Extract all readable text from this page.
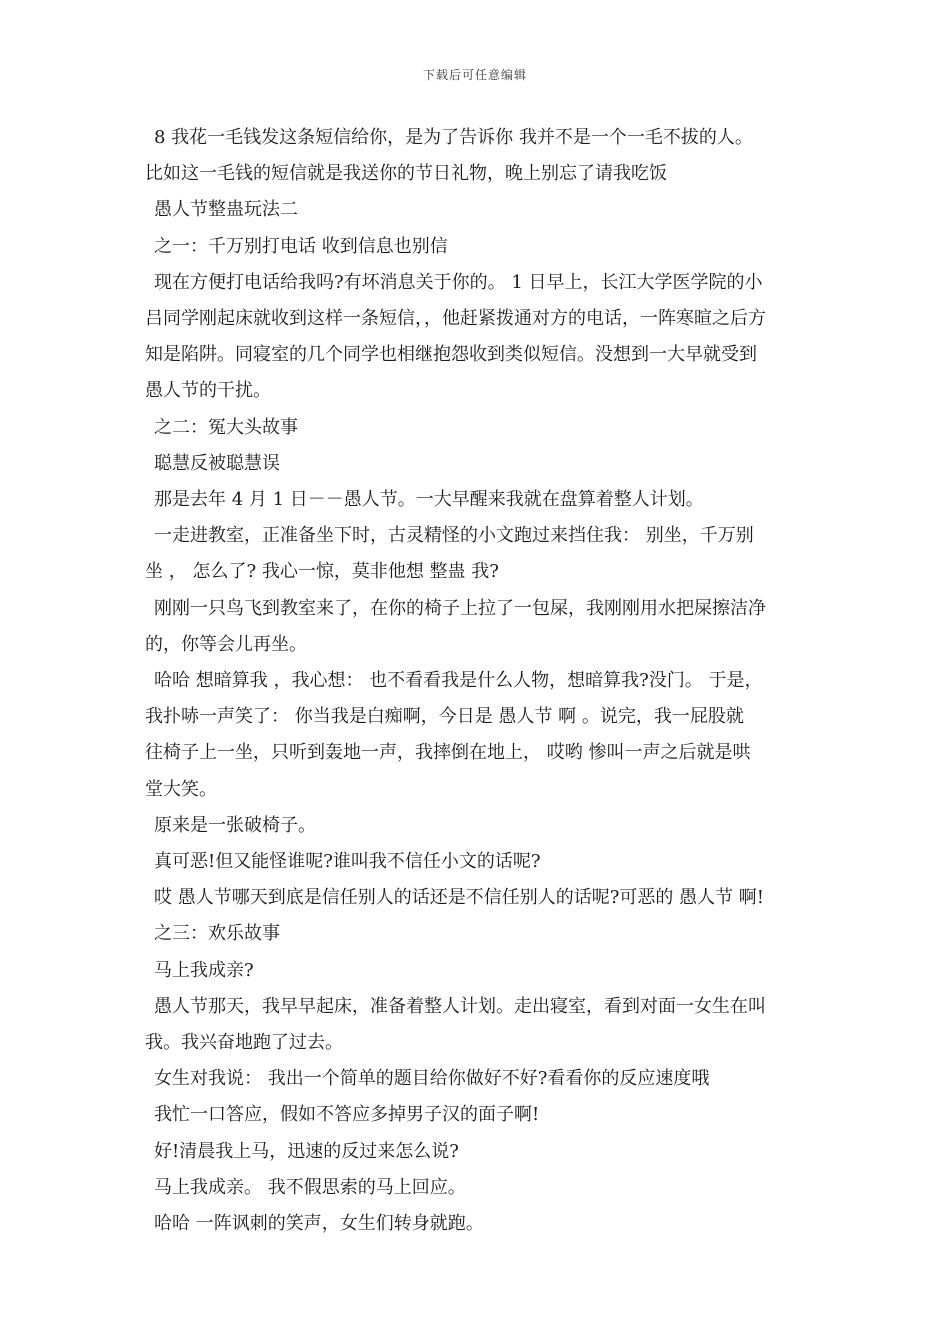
下载后可任意编辑
8 我花一毛钱发这条短信给你，是为了告诉你 我并不是一个一毛不拔的人。
比如这一毛钱的短信就是我送你的节日礼物，晚上别忘了请我吃饭
愚人节整蛊玩法二
之一：千万别打电话 收到信息也别信
现在方便打电话给我吗?有坏消息关于你的。 1 日早上，长江大学医学院的小
吕同学刚起床就收到这样一条短信，，他赶紧拨通对方的电话，一阵寒暄之后方
知是陷阱。同寝室的几个同学也相继抱怨收到类似短信。没想到一大早就受到
愚人节的干扰。
之二：冤大头故事
聪慧反被聪慧误
那是去年 4 月 1 日－－愚人节。一大早醒来我就在盘算着整人计划。
一走进教室，正准备坐下时，古灵精怪的小文跑过来挡住我： 别坐，千万别
坐 ， 怎么了? 我心一惊，莫非他想 整蛊 我?
刚刚一只鸟飞到教室来了，在你的椅子上拉了一包屎，我刚刚用水把屎擦洁净
的，你等会儿再坐。
哈哈 想暗算我 ，我心想： 也不看看我是什么人物，想暗算我?没门。 于是，
我扑哧一声笑了： 你当我是白痴啊，今日是 愚人节 啊 。说完，我一屁股就
往椅子上一坐，只听到轰地一声，我摔倒在地上， 哎哟 惨叫一声之后就是哄
堂大笑。
原来是一张破椅子。
真可恶!但又能怪谁呢?谁叫我不信任小文的话呢?
哎 愚人节哪天到底是信任别人的话还是不信任别人的话呢?可恶的 愚人节 啊!
之三：欢乐故事
马上我成亲?
愚人节那天，我早早起床，准备着整人计划。走出寝室，看到对面一女生在叫
我。我兴奋地跑了过去。
女生对我说： 我出一个简单的题目给你做好不好?看看你的反应速度哦
我忙一口答应，假如不答应多掉男子汉的面子啊!
好!清晨我上马，迅速的反过来怎么说?
马上我成亲。 我不假思索的马上回应。
哈哈 一阵讽刺的笑声，女生们转身就跑。
